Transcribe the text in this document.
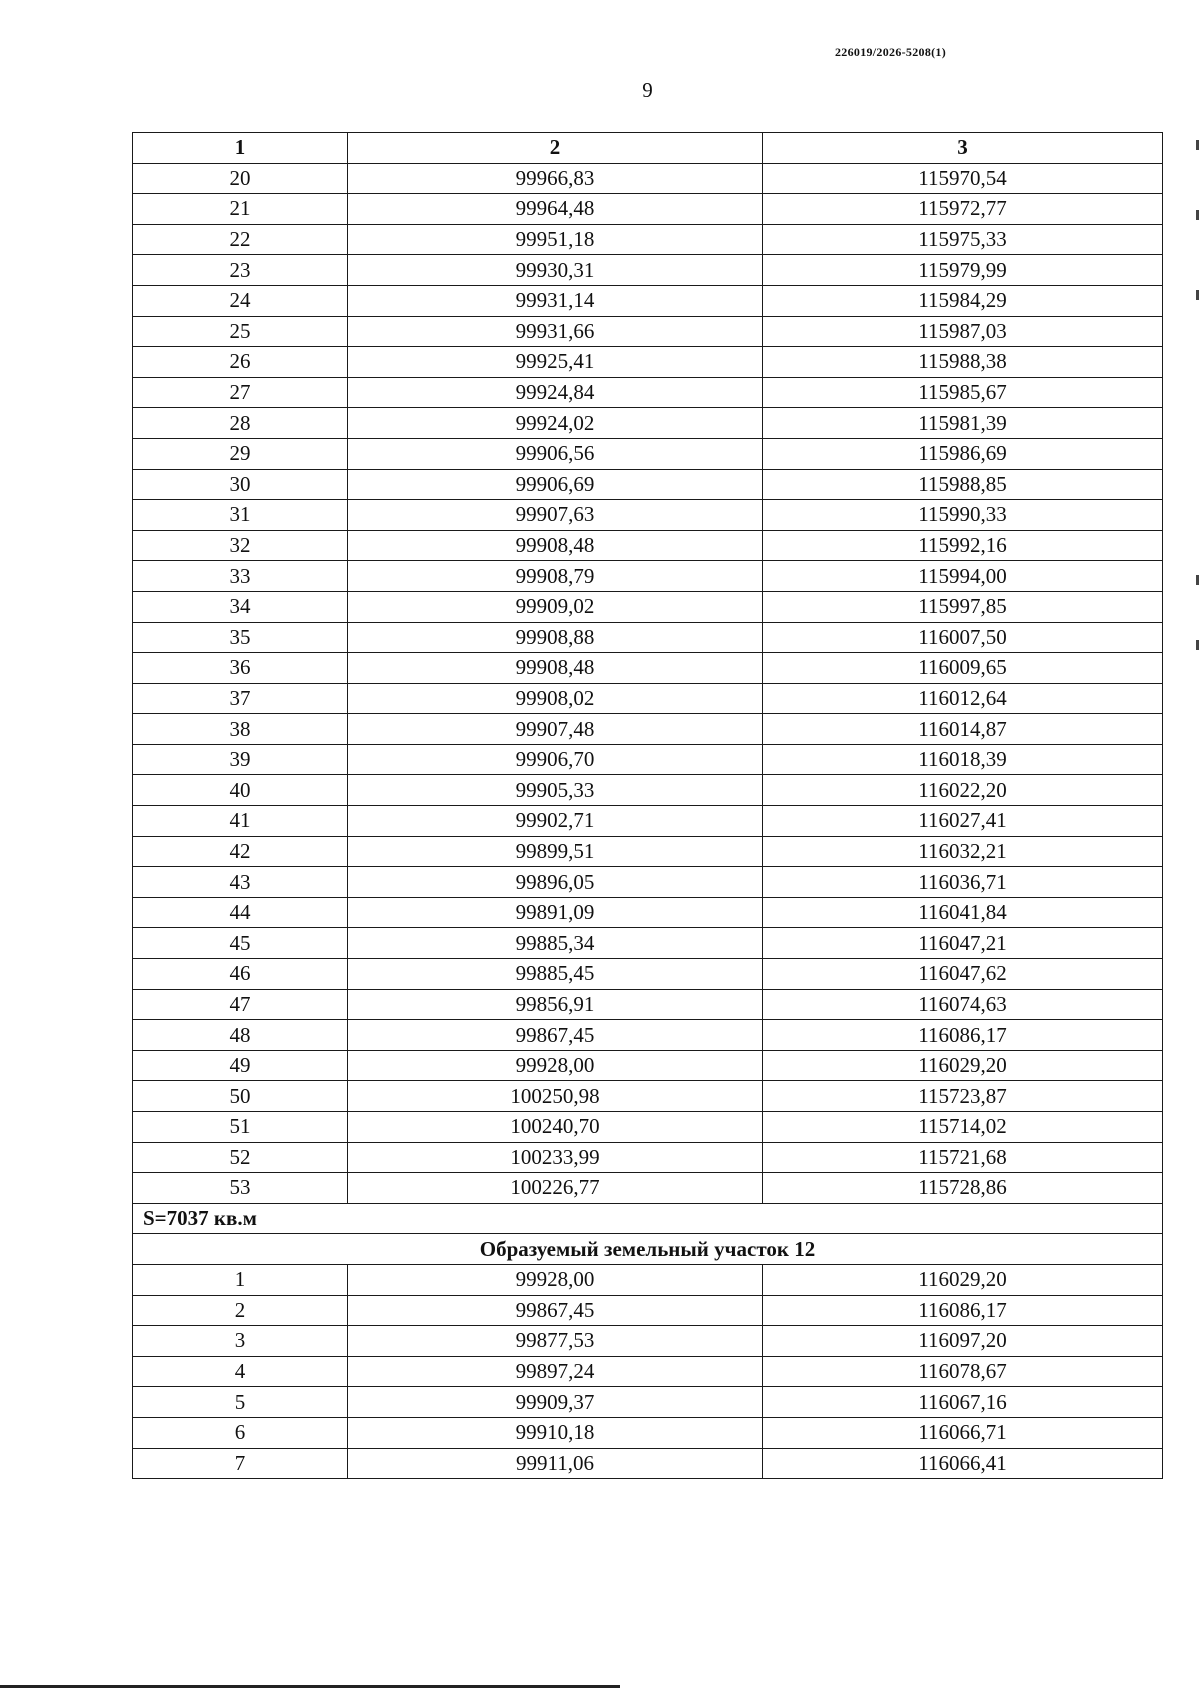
226019/2026-5208(1)
9
1	2	3
20	99966,83	115970,54
21	99964,48	115972,77
22	99951,18	115975,33
23	99930,31	115979,99
24	99931,14	115984,29
25	99931,66	115987,03
26	99925,41	115988,38
27	99924,84	115985,67
28	99924,02	115981,39
29	99906,56	115986,69
30	99906,69	115988,85
31	99907,63	115990,33
32	99908,48	115992,16
33	99908,79	115994,00
34	99909,02	115997,85
35	99908,88	116007,50
36	99908,48	116009,65
37	99908,02	116012,64
38	99907,48	116014,87
39	99906,70	116018,39
40	99905,33	116022,20
41	99902,71	116027,41
42	99899,51	116032,21
43	99896,05	116036,71
44	99891,09	116041,84
45	99885,34	116047,21
46	99885,45	116047,62
47	99856,91	116074,63
48	99867,45	116086,17
49	99928,00	116029,20
50	100250,98	115723,87
51	100240,70	115714,02
52	100233,99	115721,68
53	100226,77	115728,86
S=7037 кв.м		
Образуемый земельный участок 12		
1	99928,00	116029,20
2	99867,45	116086,17
3	99877,53	116097,20
4	99897,24	116078,67
5	99909,37	116067,16
6	99910,18	116066,71
7	99911,06	116066,41
